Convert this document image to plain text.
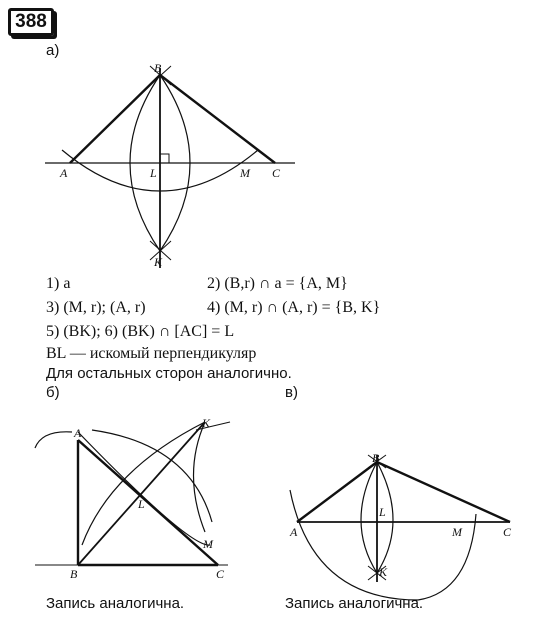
388
а)
B
A	L	M C
K
A
K
L
M
B	C
B
L
A	M	C
K
1) a	2) (B,r) ∩ a = {A, M}
3) (M, r); (A, r)	4) (M, r) ∩ (A, r) = {B, K}
5) (BK); 6) (BK) ∩ [AC] = L
BL — искомый перпендикуляр
Для остальных сторон аналогично.
б)	в)
Запись аналогична.	Запись аналогична.
